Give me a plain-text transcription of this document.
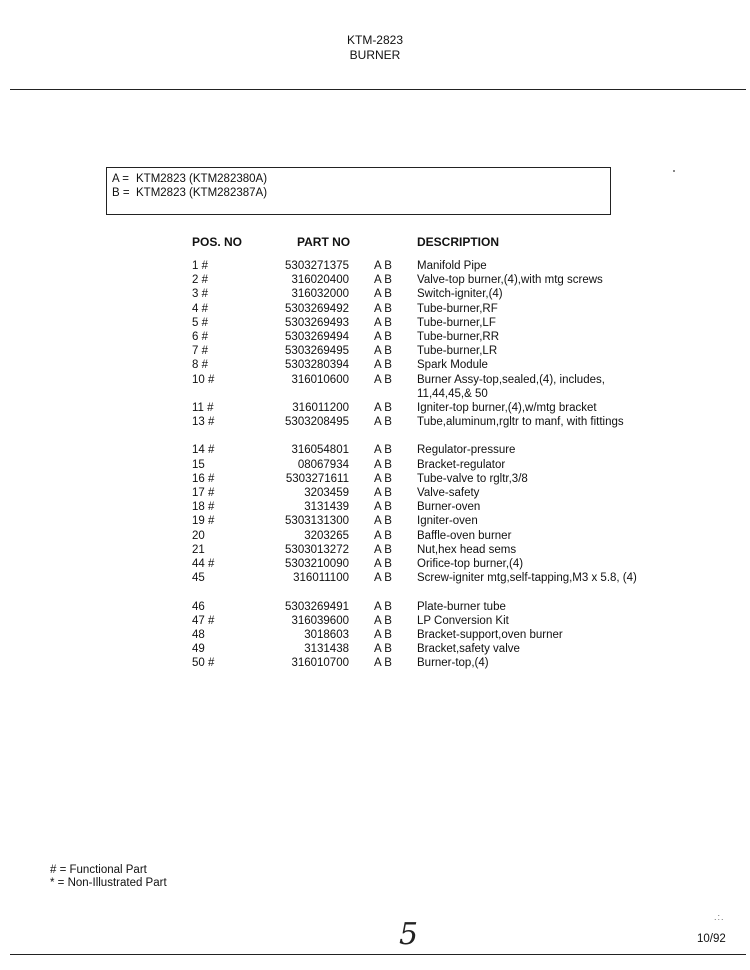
KTM-2823
BURNER
A = KTM2823 (KTM282380A)
B = KTM2823 (KTM282387A)
POS. NO	PART NO	DESCRIPTION
1 #	5303271375 A B	Manifold Pipe
2 #	316020400 A B	Valve-top burner,(4),with mtg screws
3 #	316032000 A B	Switch-igniter,(4)
4 #	5303269492 A B	Tube-burner,RF
5 #	5303269493 A B	Tube-burner,LF
6 #	5303269494 A B	Tube-burner,RR
7 #	5303269495 A B	Tube-burner,LR
8 #	5303280394 A B	Spark Module
10 #	316010600 A B	Burner Assy-top,sealed,(4), includes, 11,44,45,& 50
11 #	316011200 A B	Igniter-top burner,(4),w/mtg bracket
13 #	5303208495 A B	Tube,aluminum,rgltr to manf, with fittings
14 #	316054801 A B	Regulator-pressure
15	08067934 A B	Bracket-regulator
16 #	5303271611 A B	Tube-valve to rgltr,3/8
17 #	3203459 A B	Valve-safety
18 #	3131439 A B	Burner-oven
19 #	5303131300 A B	Igniter-oven
20	3203265 A B	Baffle-oven burner
21	5303013272 A B	Nut,hex head sems
44 #	5303210090 A B	Orifice-top burner,(4)
45	316011100 A B	Screw-igniter mtg,self-tapping,M3 x 5.8, (4)
46	5303269491 A B	Plate-burner tube
47 #	316039600 A B	LP Conversion Kit
48	3018603 A B	Bracket-support,oven burner
49	3131438 A B	Bracket,safety valve
50 #	316010700 A B	Burner-top,(4)
# = Functional Part
* = Non-Illustrated Part
.:.
5	10/92
